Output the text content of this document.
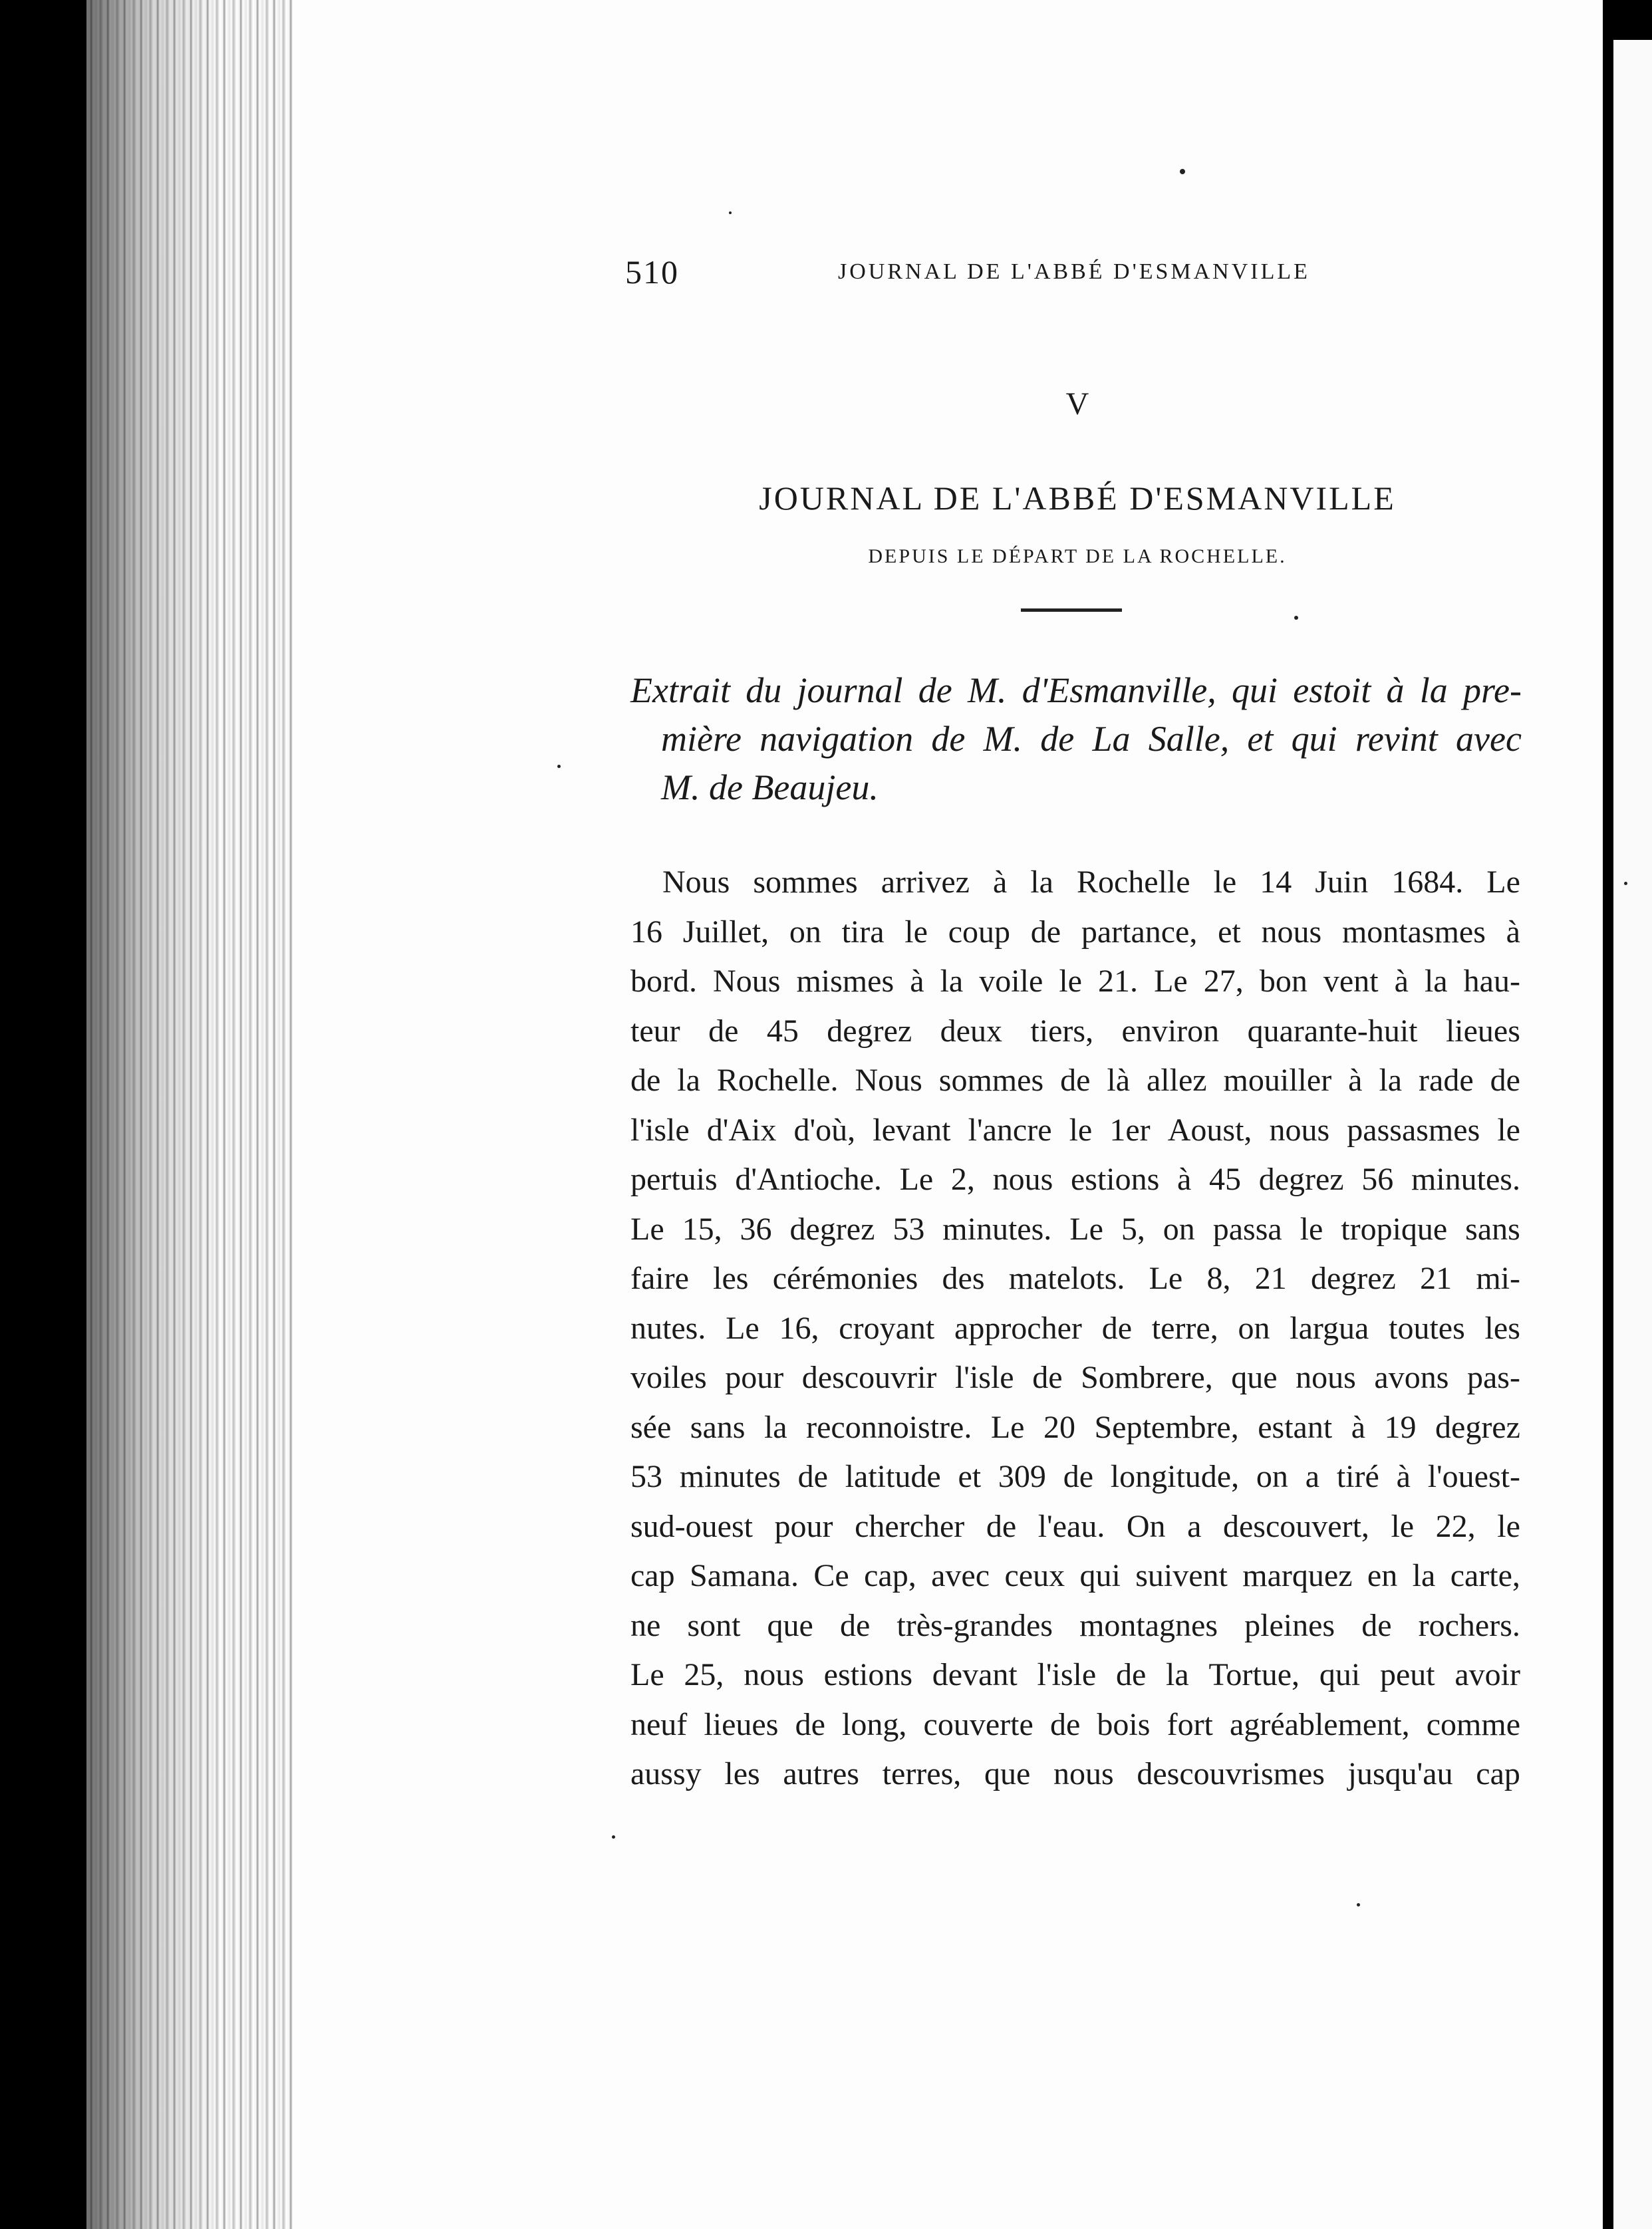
510	JOURNAL DE L'ABBÉ D'ESMANVILLE
V
JOURNAL DE L'ABBÉ D'ESMANVILLE
DEPUIS LE DÉPART DE LA ROCHELLE.
Extrait du journal de M. d'Esmanville, qui estoit à la pre-
mière navigation de M. de La Salle, et qui revint avec
M. de Beaujeu.
Nous sommes arrivez à la Rochelle le 14 Juin 1684. Le
16 Juillet, on tira le coup de partance, et nous montasmes à
bord. Nous mismes à la voile le 21. Le 27, bon vent à la hau-
teur de 45 degrez deux tiers, environ quarante-huit lieues
de la Rochelle. Nous sommes de là allez mouiller à la rade de
l'isle d'Aix d'où, levant l'ancre le 1er Aoust, nous passasmes le
pertuis d'Antioche. Le 2, nous estions à 45 degrez 56 minutes.
Le 15, 36 degrez 53 minutes. Le 5, on passa le tropique sans
faire les cérémonies des matelots. Le 8, 21 degrez 21 mi-
nutes. Le 16, croyant approcher de terre, on largua toutes les
voiles pour descouvrir l'isle de Sombrere, que nous avons pas-
sée sans la reconnoistre. Le 20 Septembre, estant à 19 degrez
53 minutes de latitude et 309 de longitude, on a tiré à l'ouest-
sud-ouest pour chercher de l'eau. On a descouvert, le 22, le
cap Samana. Ce cap, avec ceux qui suivent marquez en la carte,
ne sont que de très-grandes montagnes pleines de rochers.
Le 25, nous estions devant l'isle de la Tortue, qui peut avoir
neuf lieues de long, couverte de bois fort agréablement, comme
aussy les autres terres, que nous descouvrismes jusqu'au cap
